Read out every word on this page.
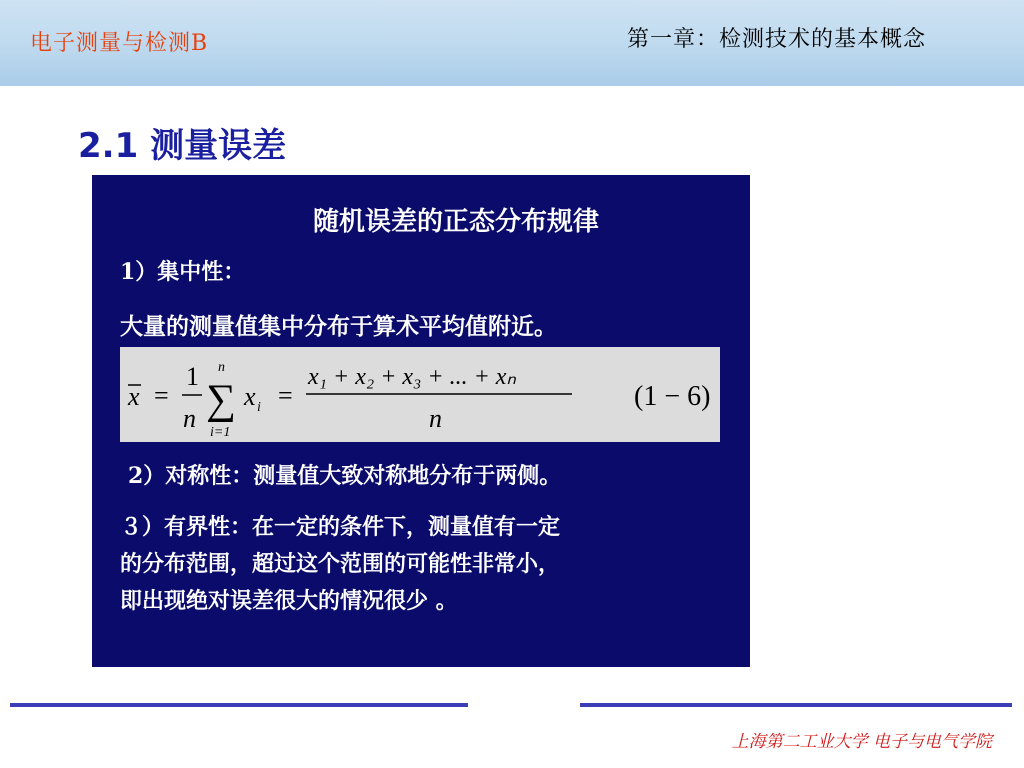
电子测量与检测B	第一章：检测技术的基本概念
2.1 测量误差
随机误差的正态分布规律
1）集中性：
大量的测量值集中分布于算术平均值附近。
x =
1
n
n
∑
i=1
x i =
x₁ + x₂ + x₃ + ... + xₙ
n
(1 − 6)
2）对称性：测量值大致对称地分布于两侧。
３）有界性：在一定的条件下，测量值有一定
的分布范围，超过这个范围的可能性非常小，
即出现绝对误差很大的情况很少 。
上海第二工业大学 电子与电气学院
